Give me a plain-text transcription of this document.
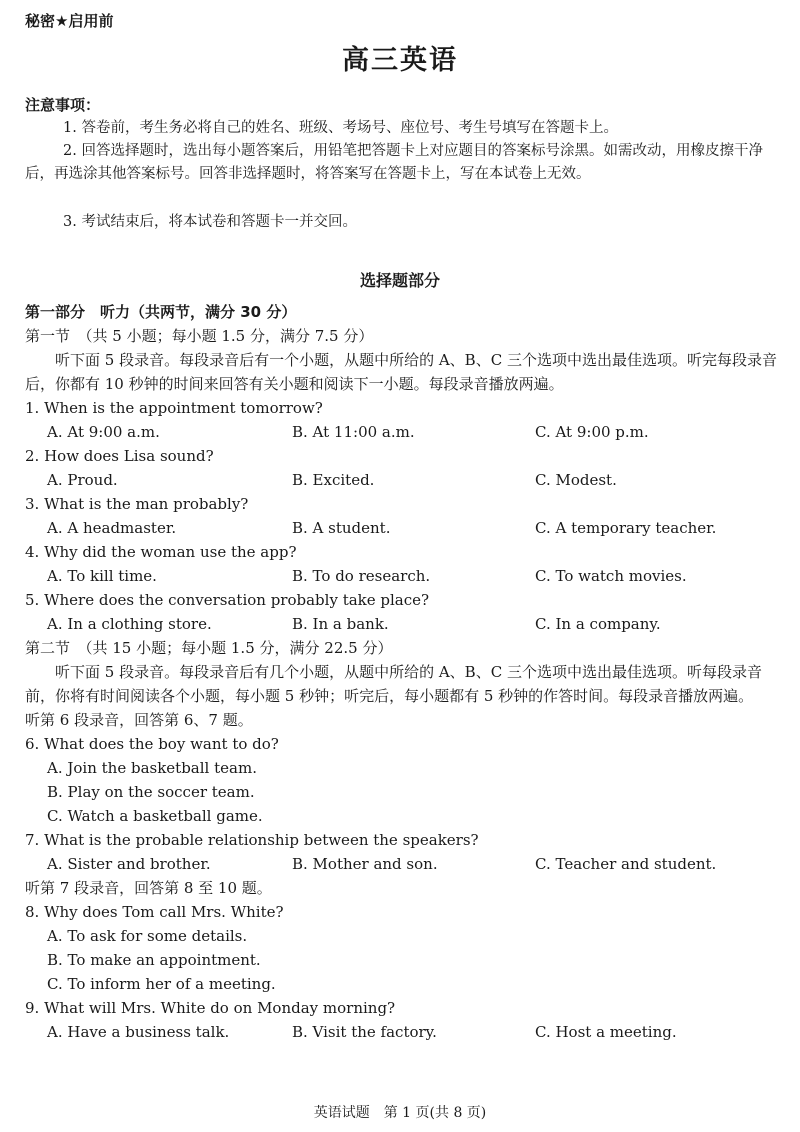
秘密★启用前
高三英语
注意事项：
1. 答卷前，考生务必将自己的姓名、班级、考场号、座位号、考生号填写在答题卡上。
2. 回答选择题时，选出每小题答案后，用铅笔把答题卡上对应题目的答案标号涂黑。如需改动，用橡皮擦干净后，再选涂其他答案标号。回答非选择题时，将答案写在答题卡上，写在本试卷上无效。
3. 考试结束后，将本试卷和答题卡一并交回。
选择题部分
第一部分　听力（共两节，满分 30 分）
第一节　（共 5 小题；每小题 1.5 分，满分 7.5 分）
听下面 5 段录音。每段录音后有一个小题，从题中所给的 A、B、C 三个选项中选出最佳选项。听完每段录音后，你都有 10 秒钟的时间来回答有关小题和阅读下一小题。每段录音播放两遍。
1. When is the appointment tomorrow?
A. At 9:00 a.m.	B. At 11:00 a.m.	C. At 9:00 p.m.
2. How does Lisa sound?
A. Proud.	B. Excited.	C. Modest.
3. What is the man probably?
A. A headmaster.	B. A student.	C. A temporary teacher.
4. Why did the woman use the app?
A. To kill time.	B. To do research.	C. To watch movies.
5. Where does the conversation probably take place?
A. In a clothing store.	B. In a bank.	C. In a company.
第二节　（共 15 小题；每小题 1.5 分，满分 22.5 分）
听下面 5 段录音。每段录音后有几个小题，从题中所给的 A、B、C 三个选项中选出最佳选项。听每段录音前，你将有时间阅读各个小题，每小题 5 秒钟；听完后，每小题都有 5 秒钟的作答时间。每段录音播放两遍。
听第 6 段录音，回答第 6、7 题。
6. What does the boy want to do?
A. Join the basketball team.
B. Play on the soccer team.
C. Watch a basketball game.
7. What is the probable relationship between the speakers?
A. Sister and brother.	B. Mother and son.	C. Teacher and student.
听第 7 段录音，回答第 8 至 10 题。
8. Why does Tom call Mrs. White?
A. To ask for some details.
B. To make an appointment.
C. To inform her of a meeting.
9. What will Mrs. White do on Monday morning?
A. Have a business talk.	B. Visit the factory.	C. Host a meeting.
英语试题　第 1 页(共 8 页)
